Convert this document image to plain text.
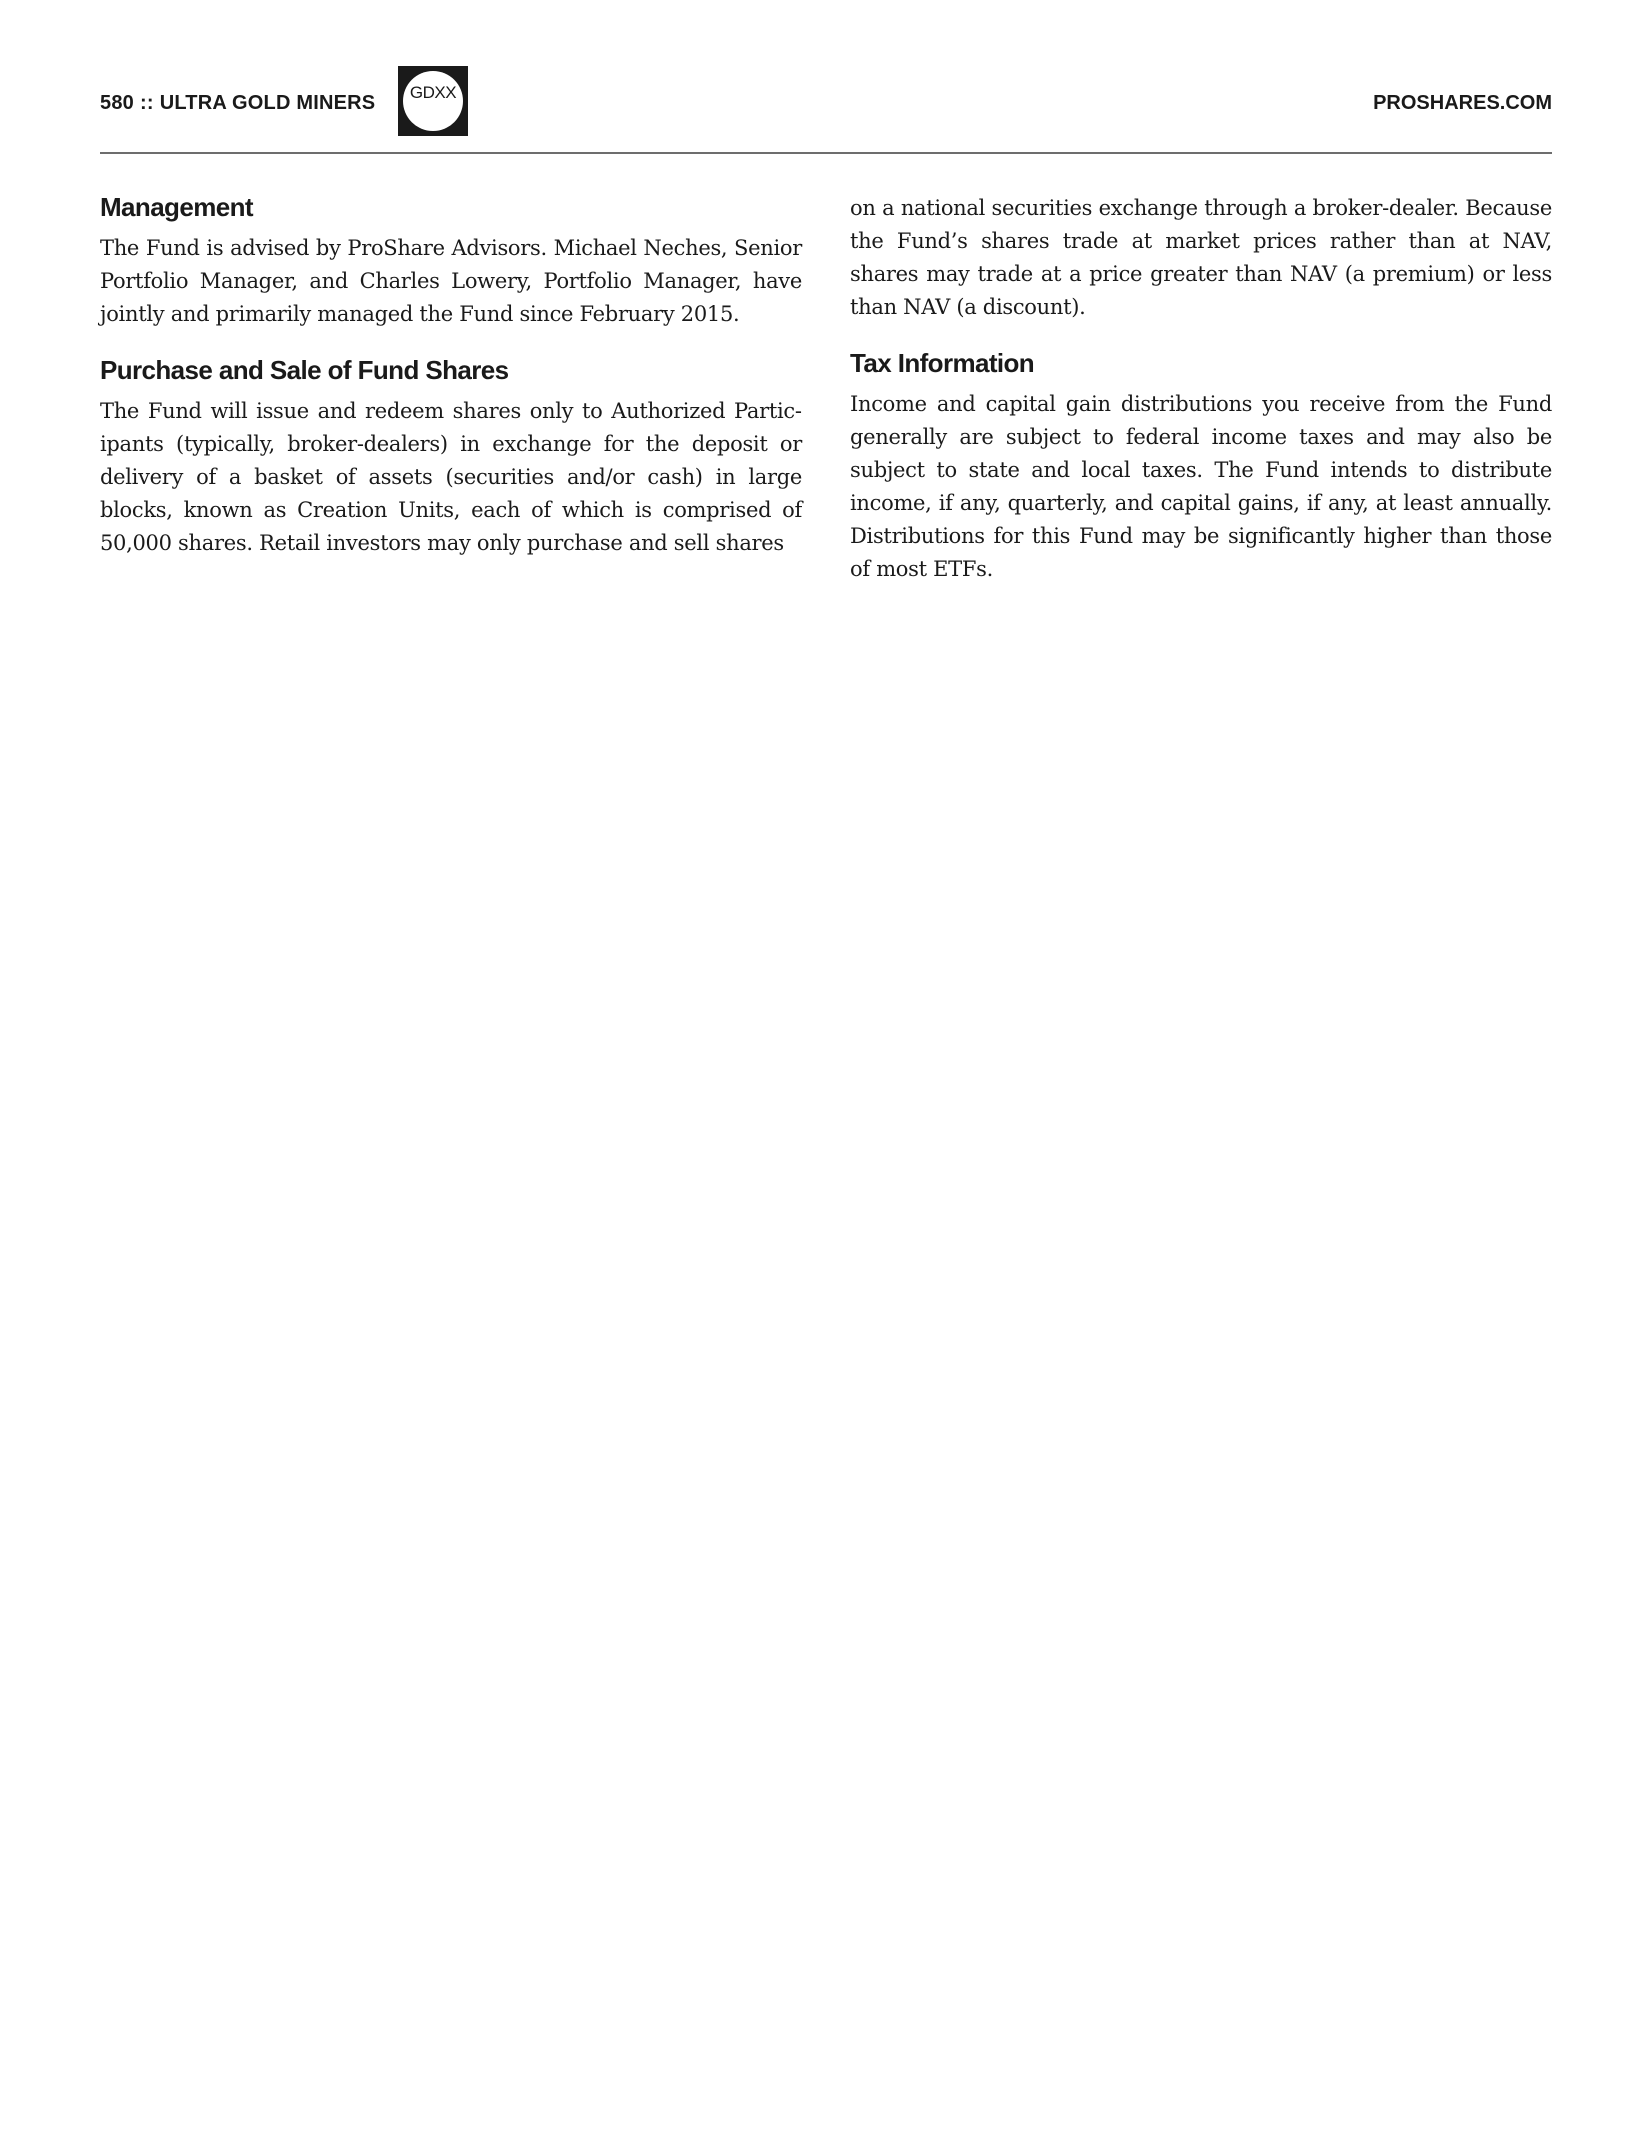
580 :: ULTRA GOLD MINERS GDXX	PROSHARES.COM
Management

The Fund is advised by ProShare Advisors. Michael Neches, Senior Portfolio Manager, and Charles Lowery, Portfolio Manager, have jointly and primarily managed the Fund since February 2015.

Purchase and Sale of Fund Shares

The Fund will issue and redeem shares only to Authorized Participants (typically, broker-dealers) in exchange for the deposit or delivery of a basket of assets (securities and/or cash) in large blocks, known as Creation Units, each of which is comprised of 50,000 shares. Retail investors may only purchase and sell shares

on a national securities exchange through a broker-dealer. Because the Fund’s shares trade at market prices rather than at NAV, shares may trade at a price greater than NAV (a premium) or less than NAV (a discount).

Tax Information

Income and capital gain distributions you receive from the Fund generally are subject to federal income taxes and may also be subject to state and local taxes. The Fund intends to distribute income, if any, quarterly, and capital gains, if any, at least annually. Distributions for this Fund may be significantly higher than those of most ETFs.
